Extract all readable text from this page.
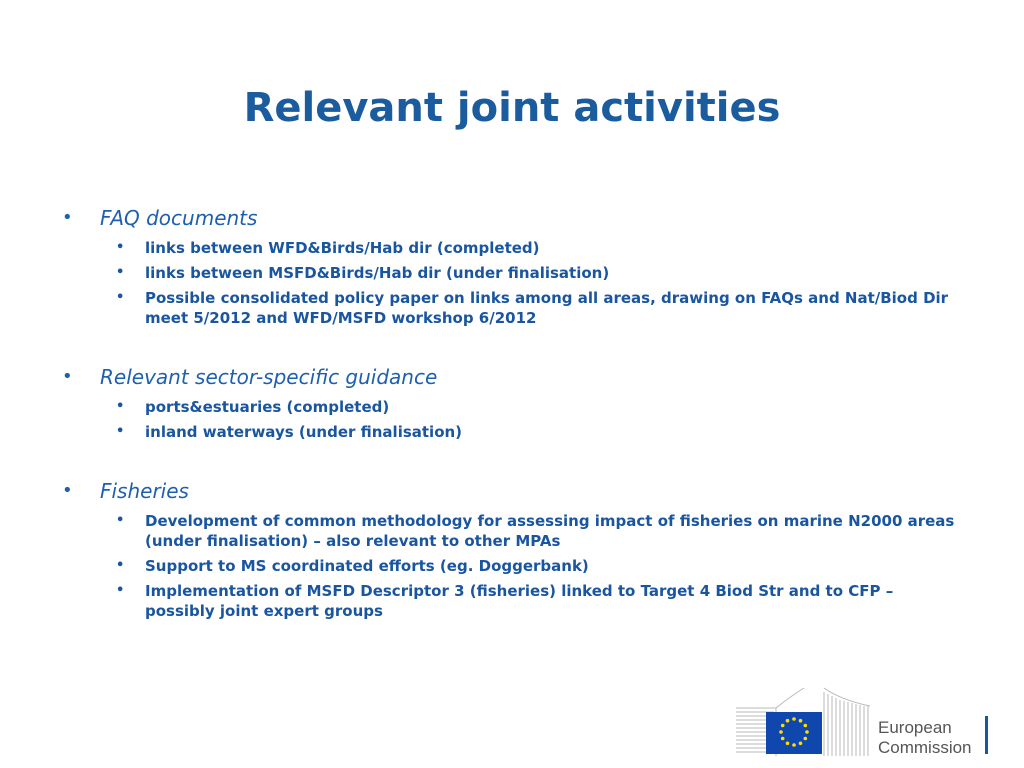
Relevant joint activities
• FAQ documents
• links between WFD&Birds/Hab dir (completed)
• links between MSFD&Birds/Hab dir (under finalisation)
• Possible consolidated policy paper on links among all areas, drawing on FAQs and Nat/Biod Dir meet 5/2012 and WFD/MSFD workshop 6/2012
• Relevant sector-specific guidance
• ports&estuaries (completed)
• inland waterways (under finalisation)
• Fisheries
• Development of common methodology for assessing impact of fisheries on marine N2000 areas (under finalisation) – also relevant to other MPAs
• Support to MS coordinated efforts (eg. Doggerbank)
• Implementation of MSFD Descriptor 3 (fisheries) linked to Target 4 Biod Str and to CFP – possibly joint expert groups
European
Commission
